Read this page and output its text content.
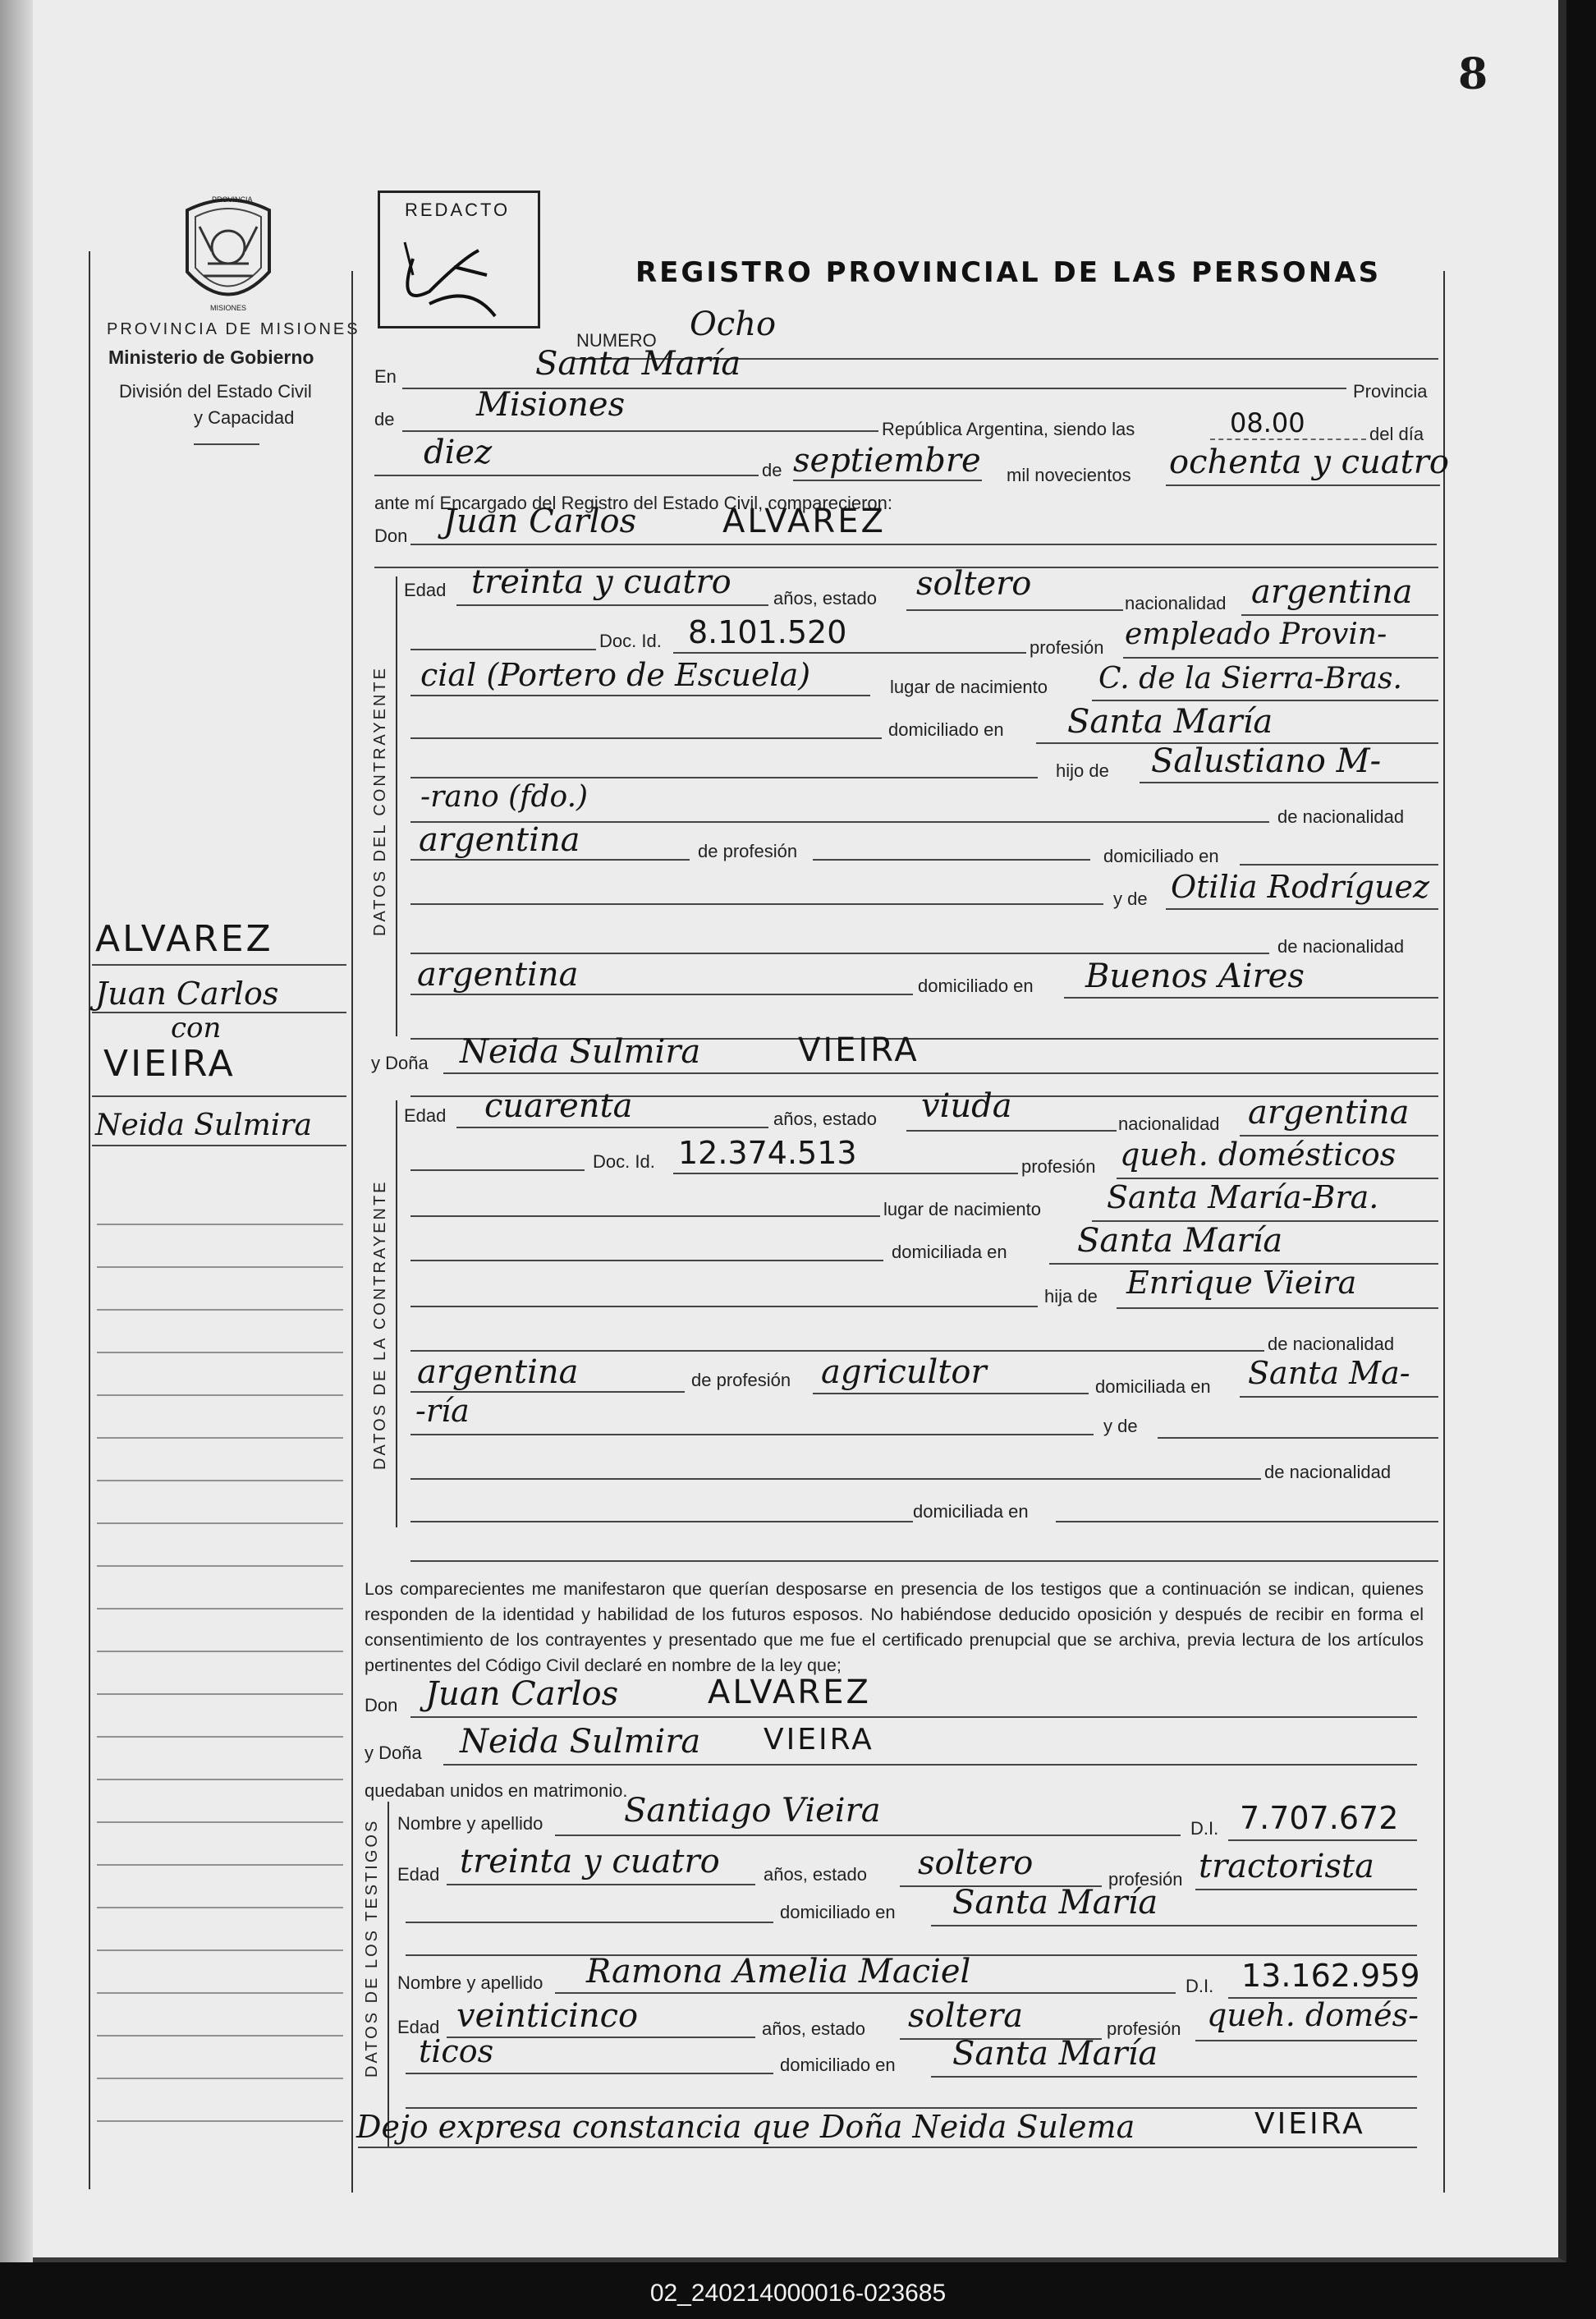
8
PROVINCIA
MISIONES
PROVINCIA DE MISIONES
Ministerio de Gobierno
División del Estado Civil
y Capacidad
REDACTO
REGISTRO PROVINCIAL DE LAS PERSONAS
NUMERO Ocho
En	Santa María
Provincia
de Misiones
República Argentina, siendo las	08.00	del día
diez	de septiembre mil novecientos ochenta y cuatro
ante mí Encargado del Registro del Estado Civil, comparecieron:
Don Juan Carlos	ALVAREZ
DATOS DEL CONTRAYENTE
Edad treinta y cuatro años, estado soltero
nacionalidad argentina
Doc. Id. 8.101.520	profesión empleado Provin-
cial (Portero de Escuela)	lugar de nacimiento C. de la Sierra-Bras.
domiciliado en Santa María
hijo de Salustiano M-
-rano (fdo.)
de nacionalidad
argentina	de profesión	domiciliado en
y de Otilia Rodríguez
de nacionalidad
argentina	domiciliado en Buenos Aires
y Doña Neida Sulmira	VIEIRA
DATOS DE LA CONTRAYENTE
Edad cuarenta	años, estado viuda	nacionalidad argentina
Doc. Id. 12.374.513	profesión queh. domésticos
lugar de nacimiento Santa María-Bra.
domiciliada en Santa María
hija de Enrique Vieira
de nacionalidad
argentina	de profesión agricultor	domiciliada en Santa Ma-
-ría	y de
de nacionalidad
domiciliada en
ALVAREZ
Juan Carlos
con
VIEIRA
Neida Sulmira
Los comparecientes me manifestaron que querían desposarse en presencia de los testigos que a continuación se indican, quienes responden de la identidad y habilidad de los futuros esposos. No habiéndose deducido oposición y después de recibir en forma el consentimiento de los contrayentes y presentado que me fue el certificado prenupcial que se archiva, previa lectura de los artículos pertinentes del Código Civil declaré en nombre de la ley que;
Don Juan Carlos	ALVAREZ
y Doña Neida Sulmira VIEIRA
quedaban unidos en matrimonio.
DATOS DE LOS TESTIGOS Nombre y apellido Santiago Vieira	D.I. 7.707.672
Edad treinta y cuatro años, estado soltero	profesión tractorista
domiciliado en Santa María
Nombre y apellido Ramona Amelia Maciel	D.I. 13.162.959
Edad veinticinco	años, estado soltera	profesión queh. domés-
ticos	domiciliado en Santa María
Dejo expresa constancia que Doña Neida Sulema	VIEIRA
02_240214000016-023685
